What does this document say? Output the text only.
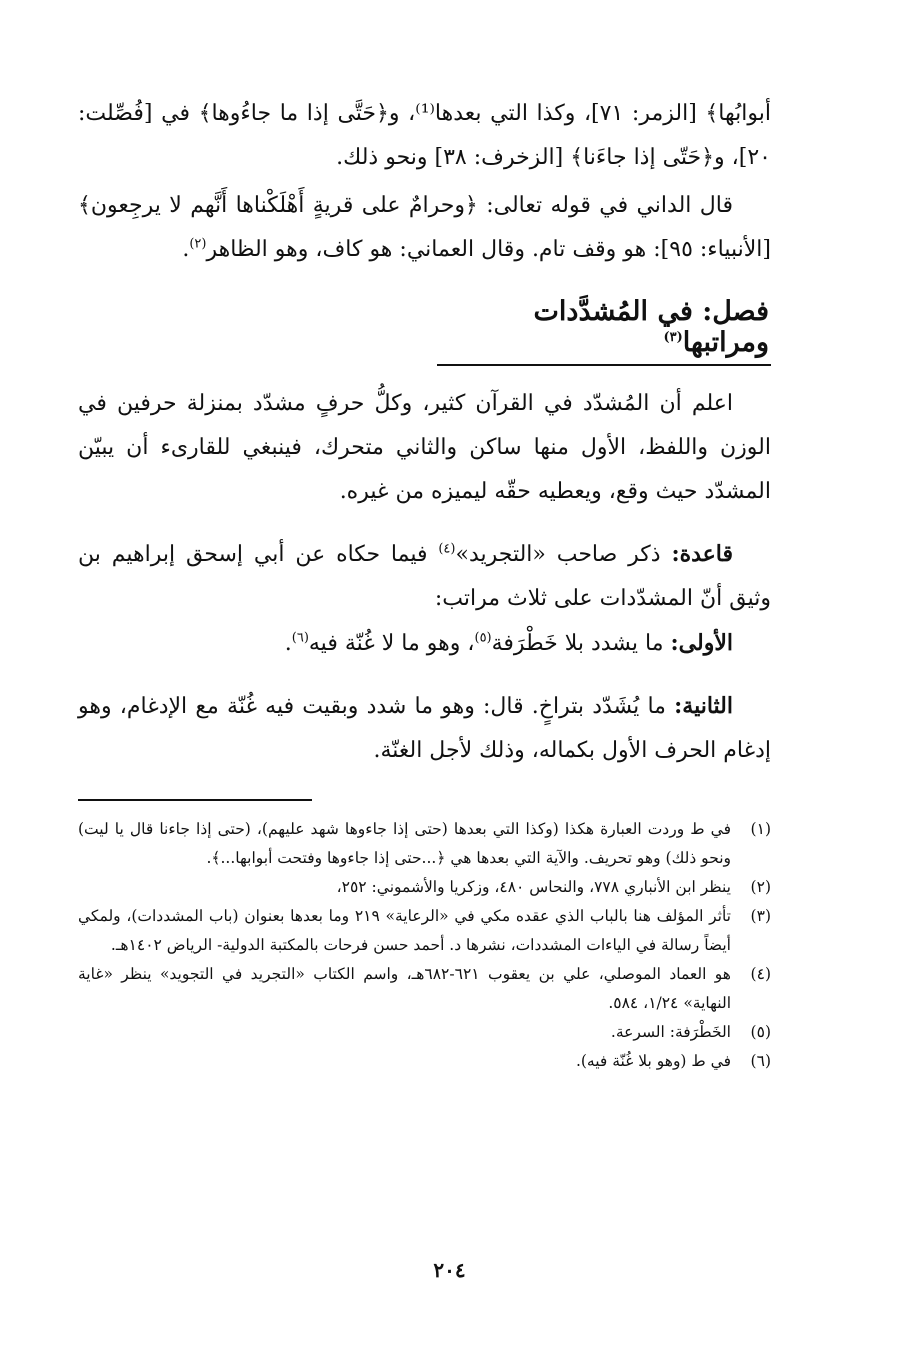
أبوابُها﴾ [الزمر: ٧١]، وكذا التي بعدها⁽¹⁾، و﴿حَتَّى إذا ما جاءُوها﴾ في [فُصِّلت: ٢٠]، و﴿حَتّى إذا جاءَنا﴾ [الزخرف: ٣٨] ونحو ذلك.

قال الداني في قوله تعالى: ﴿وحرامٌ على قريةٍ أَهْلَكْناها أَنَّهم لا يرجِعون﴾ [الأنبياء: ٩٥]: هو وقف تام. وقال العماني: هو كاف، وهو الظاهر$^{(٢)}$.

فصل: في المُشدَّدات ومراتبها$^{(٣)}$

اعلم أن المُشدّد في القرآن كثير، وكلُّ حرفٍ مشدّد بمنزلة حرفين في الوزن واللفظ، الأول منها ساكن والثاني متحرك، فينبغي للقارىء أن يبيّن المشدّد حيث وقع، ويعطيه حقّه ليميزه من غيره.

قاعدة: ذكر صاحب «التجريد»$^{(٤)}$ فيما حكاه عن أبي إسحق إبراهيم بن وثيق أنّ المشدّدات على ثلاث مراتب:

الأولى: ما يشدد بلا خَطْرَفة$^{(٥)}$، وهو ما لا غُنّة فيه$^{(٦)}$.

الثانية: ما يُشَدّد بتراخٍ. قال: وهو ما شدد وبقيت فيه غُنّة مع الإدغام، وهو إدغام الحرف الأول بكماله، وذلك لأجل الغنّة.

(١)
في ط وردت العبارة هكذا (وكذا التي بعدها (حتى إذا جاءوها شهد عليهم)، (حتى إذا جاءنا قال يا ليت) ونحو ذلك) وهو تحريف. والآية التي بعدها هي ﴿...حتى إذا جاءوها وفتحت أبوابها...﴾.
(٢)
ينظر ابن الأنباري ٧٧٨، والنحاس ٤٨٠، وزكريا والأشموني: ٢٥٢،
(٣)
تأثر المؤلف هنا بالباب الذي عقده مكي في «الرعاية» ٢١٩ وما بعدها بعنوان (باب المشددات)، ولمكي أيضاً رسالة في الياءات المشددات، نشرها د. أحمد حسن فرحات بالمكتبة الدولية- الرياض ١٤٠٢هـ.
(٤)
هو العماد الموصلي، علي بن يعقوب ٦٢١-٦٨٢هـ، واسم الكتاب «التجريد في التجويد» ينظر «غاية النهاية» ١/٢٤، ٥٨٤.
(٥)
الخَطْرَفة: السرعة.
(٦)
في ط (وهو بلا غُنّة فيه).
٢٠٤
